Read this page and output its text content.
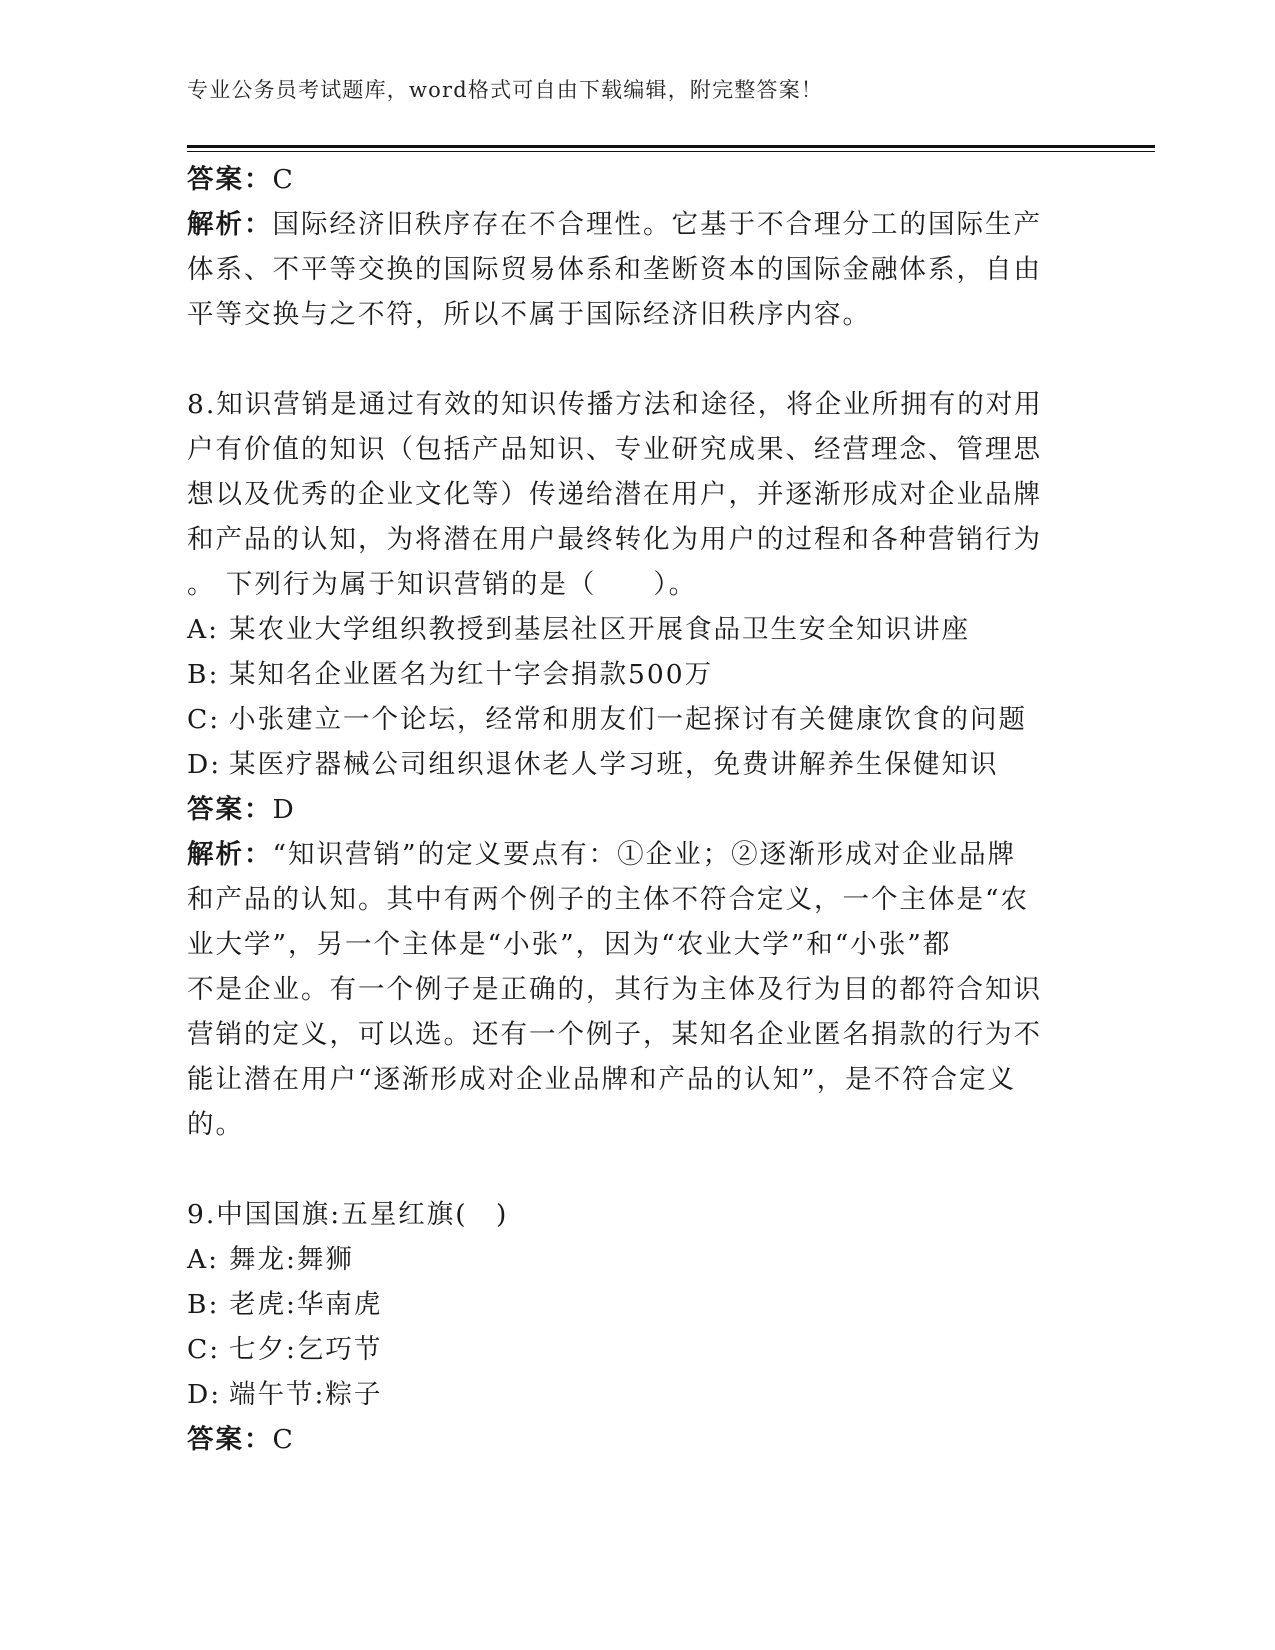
专业公务员考试题库，word格式可自由下载编辑，附完整答案！
答案：C
解析：国际经济旧秩序存在不合理性。它基于不合理分工的国际生产
体系、不平等交换的国际贸易体系和垄断资本的国际金融体系，自由
平等交换与之不符，所以不属于国际经济旧秩序内容。
8.知识营销是通过有效的知识传播方法和途径，将企业所拥有的对用
户有价值的知识（包括产品知识、专业研究成果、经营理念、管理思
想以及优秀的企业文化等）传递给潜在用户，并逐渐形成对企业品牌
和产品的认知，为将潜在用户最终转化为用户的过程和各种营销行为
。 下列行为属于知识营销的是（　　）。
A: 某农业大学组织教授到基层社区开展食品卫生安全知识讲座
B: 某知名企业匿名为红十字会捐款500万
C: 小张建立一个论坛，经常和朋友们一起探讨有关健康饮食的问题
D: 某医疗器械公司组织退休老人学习班，免费讲解养生保健知识
答案：D
解析：“知识营销”的定义要点有：①企业；②逐渐形成对企业品牌
和产品的认知。其中有两个例子的主体不符合定义，一个主体是“农
业大学”，另一个主体是“小张”，因为“农业大学”和“小张”都
不是企业。有一个例子是正确的，其行为主体及行为目的都符合知识
营销的定义，可以选。还有一个例子，某知名企业匿名捐款的行为不
能让潜在用户“逐渐形成对企业品牌和产品的认知”，是不符合定义
的。
9.中国国旗:五星红旗(　)
A: 舞龙:舞狮
B: 老虎:华南虎
C: 七夕:乞巧节
D: 端午节:粽子
答案：C
